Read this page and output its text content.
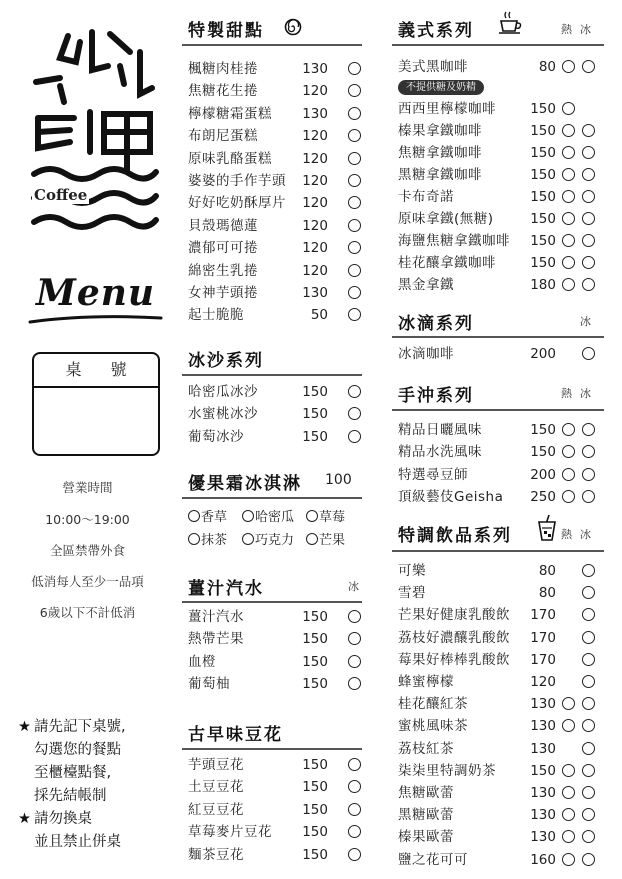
Coffee
Menu
桌 號
營業時間
10:00～19:00
全區禁帶外食
低消每人至少一品項
6歲以下不計低消
★ 請先記下桌號,
勾選您的餐點
至櫃檯點餐,
採先結帳制
★ 請勿換桌
並且禁止併桌
特製甜點
楓糖肉桂捲	130
焦糖花生捲	120
檸檬糖霜蛋糕	130
布朗尼蛋糕	120
原味乳酪蛋糕	120
婆婆的手作芋頭	120
好好吃奶酥厚片	120
貝殼瑪德蓮	120
濃郁可可捲	120
綿密生乳捲	120
女神芋頭捲	130
起士脆脆	50
冰沙系列
哈密瓜冰沙	150
水蜜桃冰沙	150
葡萄冰沙	150
優果霜冰淇淋 100
香草	哈密瓜	草莓
抹茶	巧克力	芒果
薑汁汽水	冰
薑汁汽水	150
熱帶芒果	150
血橙	150
葡萄柚	150
古早味豆花
芋頭豆花	150
土豆豆花	150
紅豆豆花	150
草莓麥片豆花	150
麵茶豆花	150
義式系列	熱 冰
不提供糖及奶精
美式黑咖啡	80
西西里檸檬咖啡	150
榛果拿鐵咖啡	150
焦糖拿鐵咖啡	150
黑糖拿鐵咖啡	150
卡布奇諾	150
原味拿鐵(無糖)	150
海鹽焦糖拿鐵咖啡	150
桂花釀拿鐵咖啡	150
黑金拿鐵	180
冰滴系列	冰
冰滴咖啡	200
手沖系列	熱 冰
精品日曬風味	150
精品水洗風味	150
特選尋豆師	200
頂級藝伎Geisha	250
特調飲品系列	熱 冰
可樂	80
雪碧	80
芒果好健康乳酸飲	170
荔枝好濃釀乳酸飲	170
莓果好棒棒乳酸飲	170
蜂蜜檸檬	120
桂花釀紅茶	130
蜜桃風味茶	130
荔枝紅茶	130
柒柒里特調奶茶	150
焦糖歐蕾	130
黑糖歐蕾	130
榛果歐蕾	130
鹽之花可可	160
